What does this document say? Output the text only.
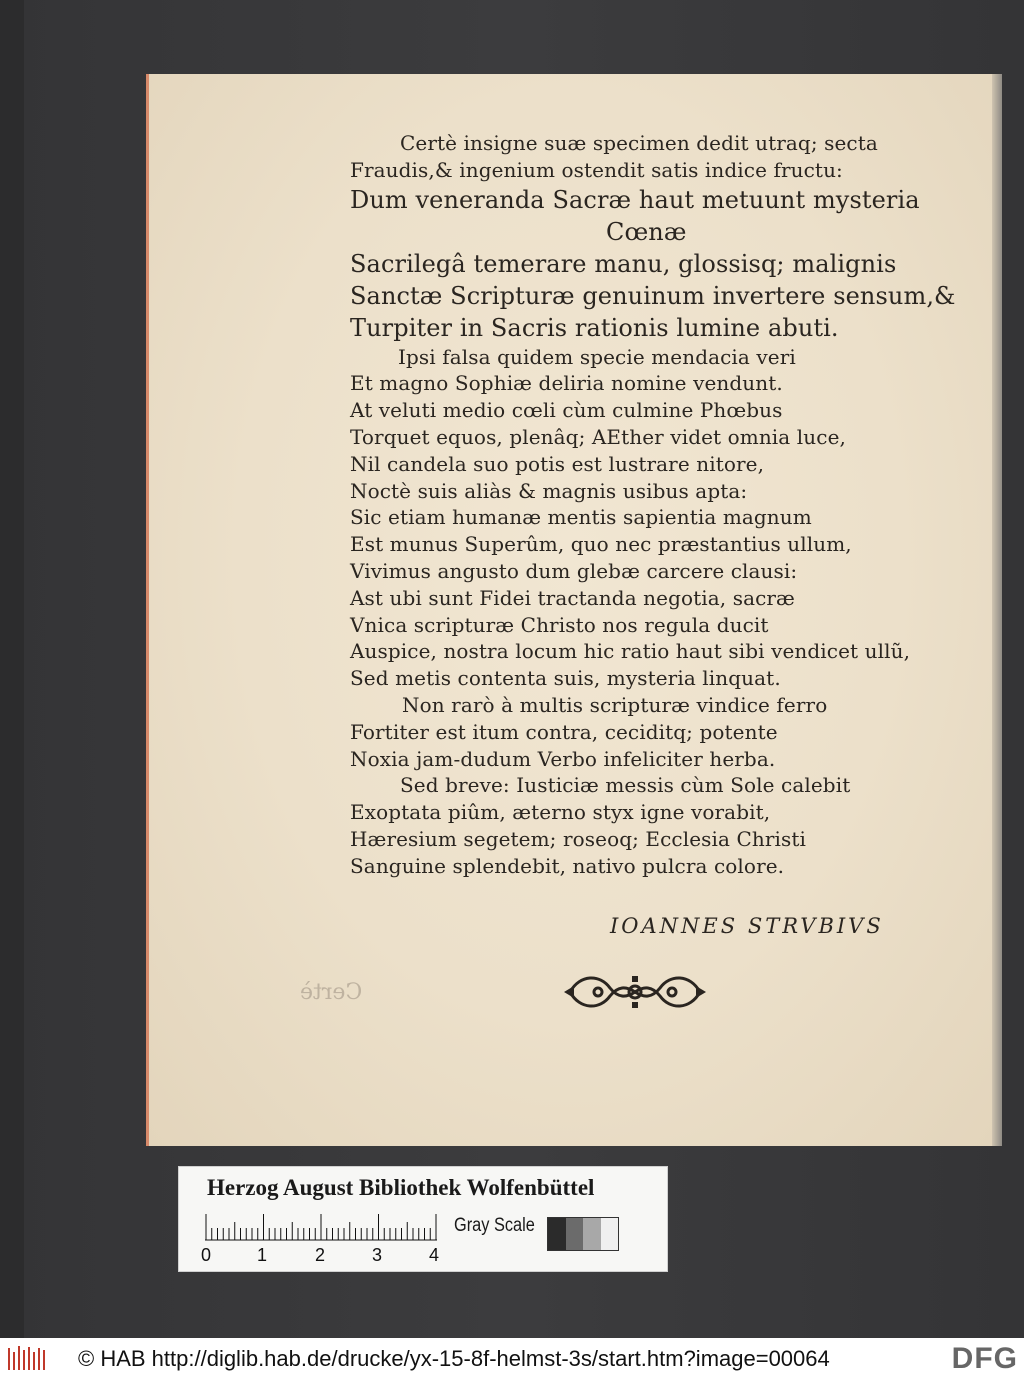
Certè
Certè insigne suæ specimen dedit utraq; secta
Fraudis,& ingenium ostendit satis indice fructu:
Dum veneranda Sacræ haut metuunt mysteria
Cœnæ
Sacrilegâ temerare manu, glossisq; malignis
Sanctæ Scripturæ genuinum invertere sensum,&
Turpiter in Sacris rationis lumine abuti.
Ipsi falsa quidem specie mendacia veri
Et magno Sophiæ deliria nomine vendunt.
At veluti medio cœli cùm culmine Phœbus
Torquet equos, plenâq; AEther videt omnia luce,
Nil candela suo potis est lustrare nitore,
Noctè suis aliàs & magnis usibus apta:
Sic etiam humanæ mentis sapientia magnum
Est munus Superûm, quo nec præstantius ullum,
Vivimus angusto dum glebæ carcere clausi:
Ast ubi sunt Fidei tractanda negotia, sacræ
Vnica scripturæ Christo nos regula ducit
Auspice, nostra locum hic ratio haut sibi vendicet ullũ,
Sed metis contenta suis, mysteria linquat.
Non rarò à multis scripturæ vindice ferro
Fortiter est itum contra, ceciditq; potente
Noxia jam-dudum Verbo infeliciter herba.
Sed breve: Iusticiæ messis cùm Sole calebit
Exoptata piûm, æterno styx igne vorabit,
Hæresium segetem; roseoq; Ecclesia Christi
Sanguine splendebit, nativo pulcra colore.
IOANNES STRVBIVS
Herzog August Bibliothek Wolfenbüttel
0	1	2	3	4
Gray Scale
© HAB http://diglib.hab.de/drucke/yx-15-8f-helmst-3s/start.htm?image=00064	DFG
